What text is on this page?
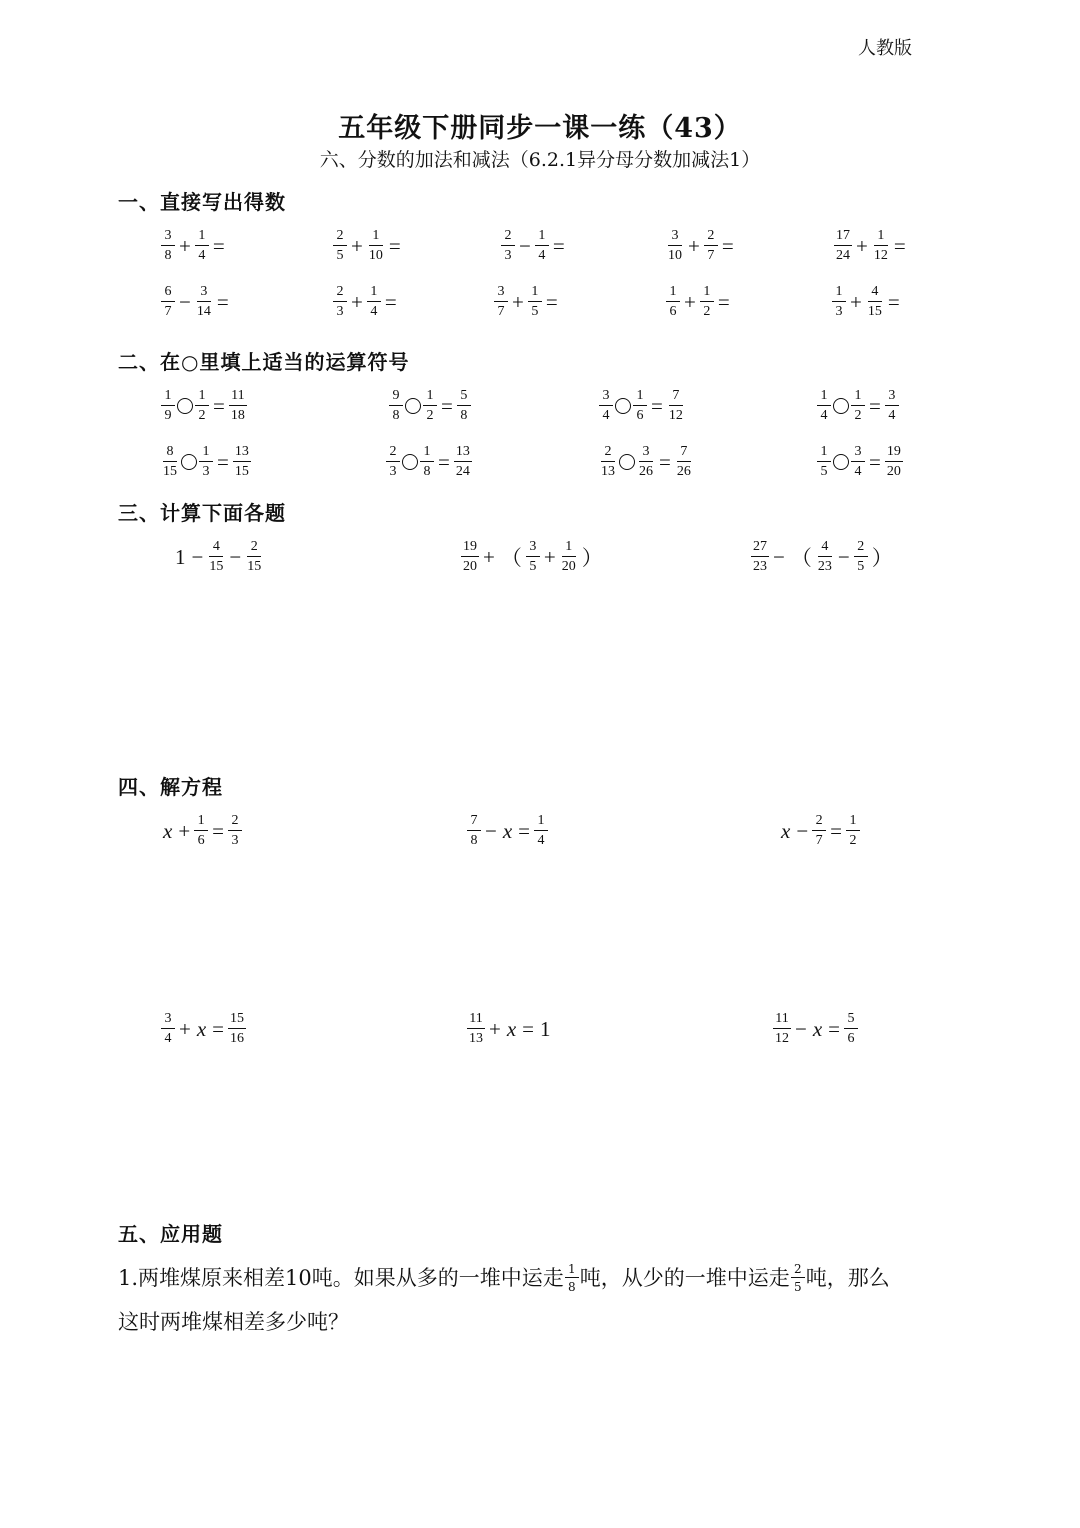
人教版
五年级下册同步一课一练（43）
六、分数的加法和减法（6.2.1异分母分数加减法1）
一、直接写出得数
$\frac{3}{8} + \frac{1}{4}$ =	$\frac{2}{5} + \frac{1}{10}$ =	$\frac{2}{3} - \frac{1}{4}$ =	$\frac{3}{10} + \frac{2}{7}$ =	$\frac{17}{24} + \frac{1}{12}$ =
$\frac{6}{7} - \frac{3}{14}$ =	$\frac{2}{3} + \frac{1}{4}$ =	$\frac{3}{7} + \frac{1}{5}$ =	$\frac{1}{6} + \frac{1}{2}$ =	$\frac{1}{3} + \frac{4}{15}$ =
二、在○里填上适当的运算符号
$\frac{1}{9} \frac{1}{2} = \frac{11}{18}$	$\frac{9}{8} \frac{1}{2} = \frac{5}{8}$	$\frac{3}{4} \frac{1}{6} = \frac{7}{12}$	$\frac{1}{4} \frac{1}{2} = \frac{3}{4}$
$\frac{8}{15} \frac{1}{3} = \frac{13}{15}$	$\frac{2}{3} \frac{1}{8} = \frac{13}{24}$	$\frac{2}{13} \frac{3}{26} = \frac{7}{26}$	$\frac{1}{5} \frac{3}{4} = \frac{19}{20}$
三、计算下面各题
$1 - \frac{4}{15} - \frac{2}{15}$	$\frac{19}{20}$ + （ $\frac{3}{5} + \frac{1}{20}$ ）	$\frac{27}{23}$ − （ $\frac{4}{23} - \frac{2}{5}$ ）
四、解方程
$x + \frac{1}{6} = \frac{2}{3}$	$\frac{7}{8} - x = \frac{1}{4}$	$x - \frac{2}{7} = \frac{1}{2}$
$\frac{3}{4} + x = \frac{15}{16}$	$\frac{11}{13} + x = 1$	$\frac{11}{12} - x = \frac{5}{6}$
五、应用题
1.两堆煤原来相差10吨。如果从多的一堆中运走 $\frac{1}{8}$ 吨，从少的一堆中运走 $\frac{2}{5}$ 吨，那么
这时两堆煤相差多少吨？
